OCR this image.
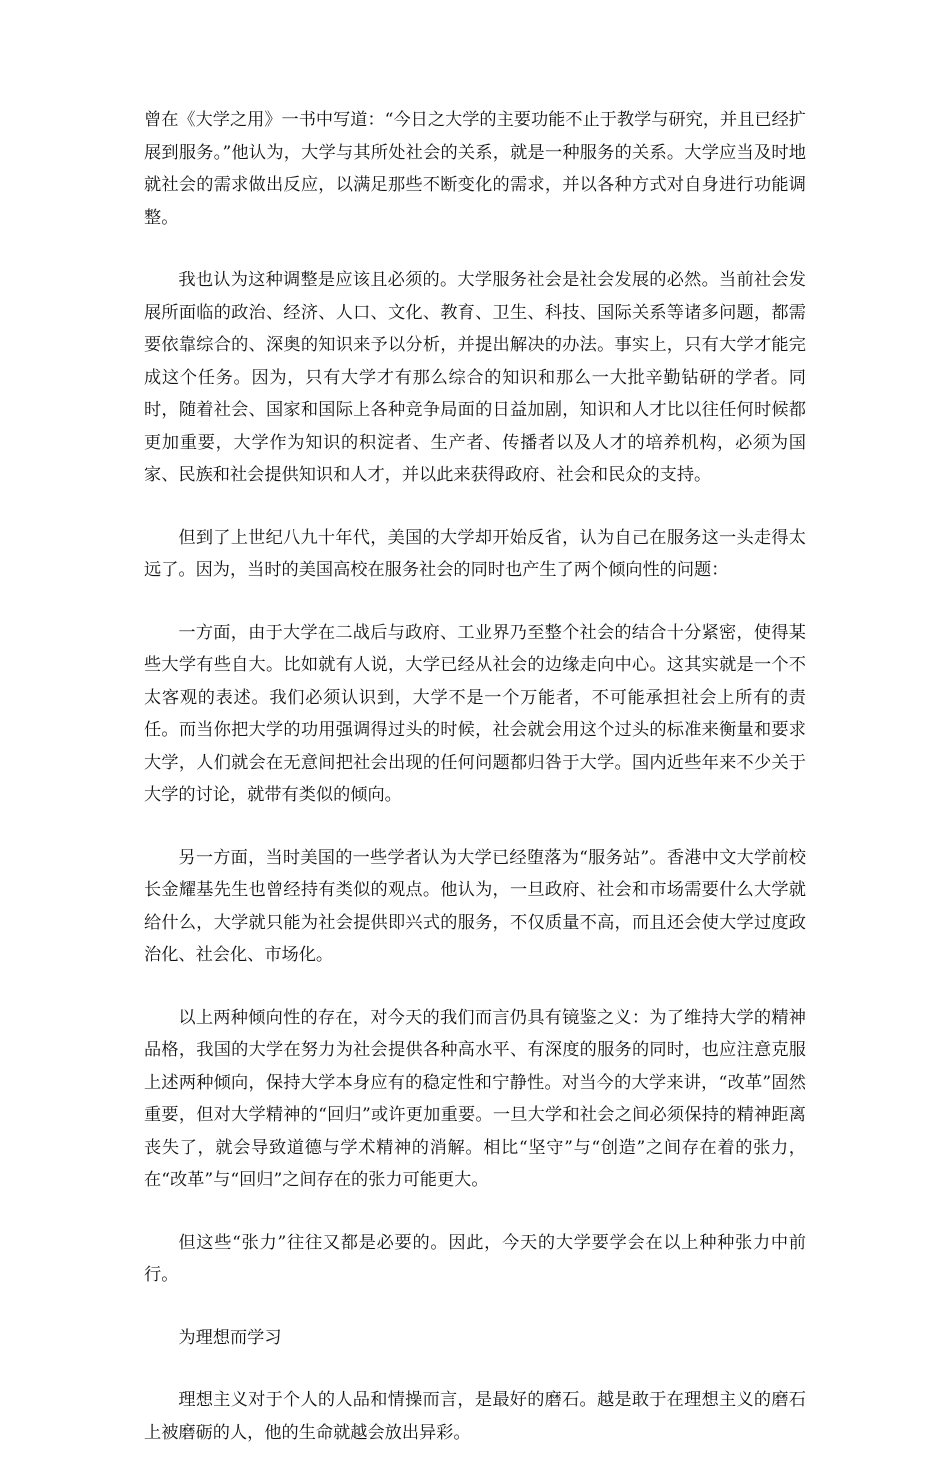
曾在《大学之用》一书中写道：“今日之大学的主要功能不止于教学与研究，并且已经扩展到服务。”他认为，大学与其所处社会的关系，就是一种服务的关系。大学应当及时地就社会的需求做出反应，以满足那些不断变化的需求，并以各种方式对自身进行功能调整。

我也认为这种调整是应该且必须的。大学服务社会是社会发展的必然。当前社会发展所面临的政治、经济、人口、文化、教育、卫生、科技、国际关系等诸多问题，都需要依靠综合的、深奥的知识来予以分析，并提出解决的办法。事实上，只有大学才能完成这个任务。因为，只有大学才有那么综合的知识和那么一大批辛勤钻研的学者。同时，随着社会、国家和国际上各种竞争局面的日益加剧，知识和人才比以往任何时候都更加重要，大学作为知识的积淀者、生产者、传播者以及人才的培养机构，必须为国家、民族和社会提供知识和人才，并以此来获得政府、社会和民众的支持。

但到了上世纪八九十年代，美国的大学却开始反省，认为自己在服务这一头走得太远了。因为，当时的美国高校在服务社会的同时也产生了两个倾向性的问题：

一方面，由于大学在二战后与政府、工业界乃至整个社会的结合十分紧密，使得某些大学有些自大。比如就有人说，大学已经从社会的边缘走向中心。这其实就是一个不太客观的表述。我们必须认识到，大学不是一个万能者，不可能承担社会上所有的责任。而当你把大学的功用强调得过头的时候，社会就会用这个过头的标准来衡量和要求大学，人们就会在无意间把社会出现的任何问题都归咎于大学。国内近些年来不少关于大学的讨论，就带有类似的倾向。

另一方面，当时美国的一些学者认为大学已经堕落为“服务站”。香港中文大学前校长金耀基先生也曾经持有类似的观点。他认为，一旦政府、社会和市场需要什么大学就给什么，大学就只能为社会提供即兴式的服务，不仅质量不高，而且还会使大学过度政治化、社会化、市场化。

以上两种倾向性的存在，对今天的我们而言仍具有镜鉴之义：为了维持大学的精神品格，我国的大学在努力为社会提供各种高水平、有深度的服务的同时，也应注意克服上述两种倾向，保持大学本身应有的稳定性和宁静性。对当今的大学来讲，“改革”固然重要，但对大学精神的“回归”或许更加重要。一旦大学和社会之间必须保持的精神距离丧失了，就会导致道德与学术精神的消解。相比“坚守”与“创造”之间存在着的张力，在“改革”与“回归”之间存在的张力可能更大。

但这些“张力”往往又都是必要的。因此，今天的大学要学会在以上种种张力中前行。

为理想而学习

理想主义对于个人的人品和情操而言，是最好的磨石。越是敢于在理想主义的磨石上被磨砺的人，他的生命就越会放出异彩。
